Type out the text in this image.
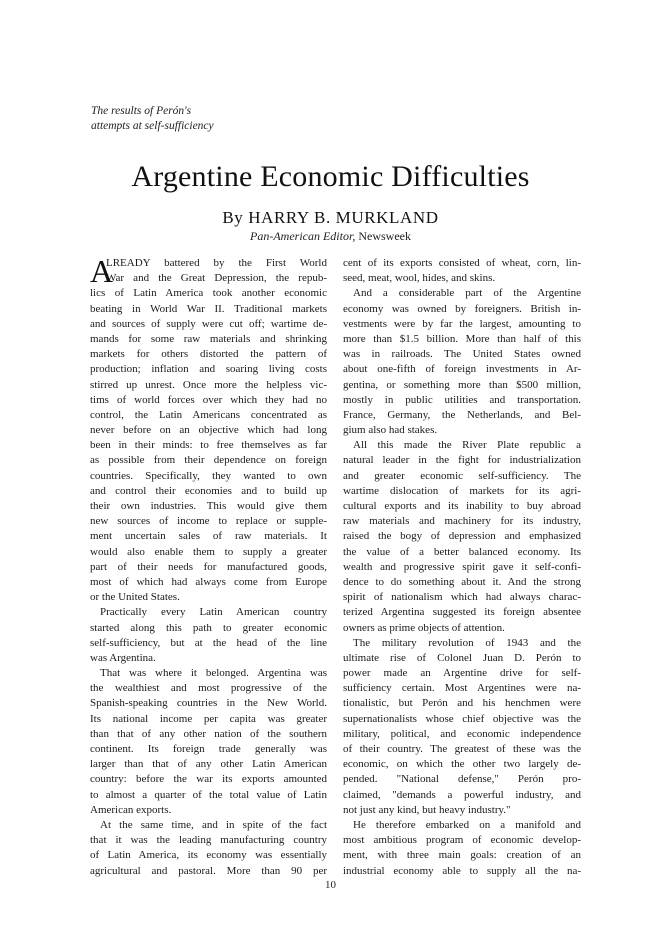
The results of Perón's
attempts at self-sufficiency
Argentine Economic Difficulties
By HARRY B. MURKLAND
Pan-American Editor, Newsweek
A
LREADY battered by the First World
War and the Great Depression, the repub-
lics of Latin America took another economic
beating in World War II. Traditional markets
and sources of supply were cut off; wartime de-
mands for some raw materials and shrinking
markets for others distorted the pattern of
production; inflation and soaring living costs
stirred up unrest. Once more the helpless vic-
tims of world forces over which they had no
control, the Latin Americans concentrated as
never before on an objective which had long
been in their minds: to free themselves as far
as possible from their dependence on foreign
countries. Specifically, they wanted to own
and control their economies and to build up
their own industries. This would give them
new sources of income to replace or supple-
ment uncertain sales of raw materials. It
would also enable them to supply a greater
part of their needs for manufactured goods,
most of which had always come from Europe
or the United States.
Practically every Latin American country
started along this path to greater economic
self-sufficiency, but at the head of the line
was Argentina.
That was where it belonged. Argentina was
the wealthiest and most progressive of the
Spanish-speaking countries in the New World.
Its national income per capita was greater
than that of any other nation of the southern
continent. Its foreign trade generally was
larger than that of any other Latin American
country: before the war its exports amounted
to almost a quarter of the total value of Latin
American exports.
At the same time, and in spite of the fact
that it was the leading manufacturing country
of Latin America, its economy was essentially
agricultural and pastoral. More than 90 per
cent of its exports consisted of wheat, corn, lin-
seed, meat, wool, hides, and skins.
And a considerable part of the Argentine
economy was owned by foreigners. British in-
vestments were by far the largest, amounting to
more than $1.5 billion. More than half of this
was in railroads. The United States owned
about one-fifth of foreign investments in Ar-
gentina, or something more than $500 million,
mostly in public utilities and transportation.
France, Germany, the Netherlands, and Bel-
gium also had stakes.
All this made the River Plate republic a
natural leader in the fight for industrialization
and greater economic self-sufficiency. The
wartime dislocation of markets for its agri-
cultural exports and its inability to buy abroad
raw materials and machinery for its industry,
raised the bogy of depression and emphasized
the value of a better balanced economy. Its
wealth and progressive spirit gave it self-confi-
dence to do something about it. And the strong
spirit of nationalism which had always charac-
terized Argentina suggested its foreign absentee
owners as prime objects of attention.
The military revolution of 1943 and the
ultimate rise of Colonel Juan D. Perón to
power made an Argentine drive for self-
sufficiency certain. Most Argentines were na-
tionalistic, but Perón and his henchmen were
supernationalists whose chief objective was the
military, political, and economic independence
of their country. The greatest of these was the
economic, on which the other two largely de-
pended. "National defense," Perón pro-
claimed, "demands a powerful industry, and
not just any kind, but heavy industry."
He therefore embarked on a manifold and
most ambitious program of economic develop-
ment, with three main goals: creation of an
industrial economy able to supply all the na-
10
